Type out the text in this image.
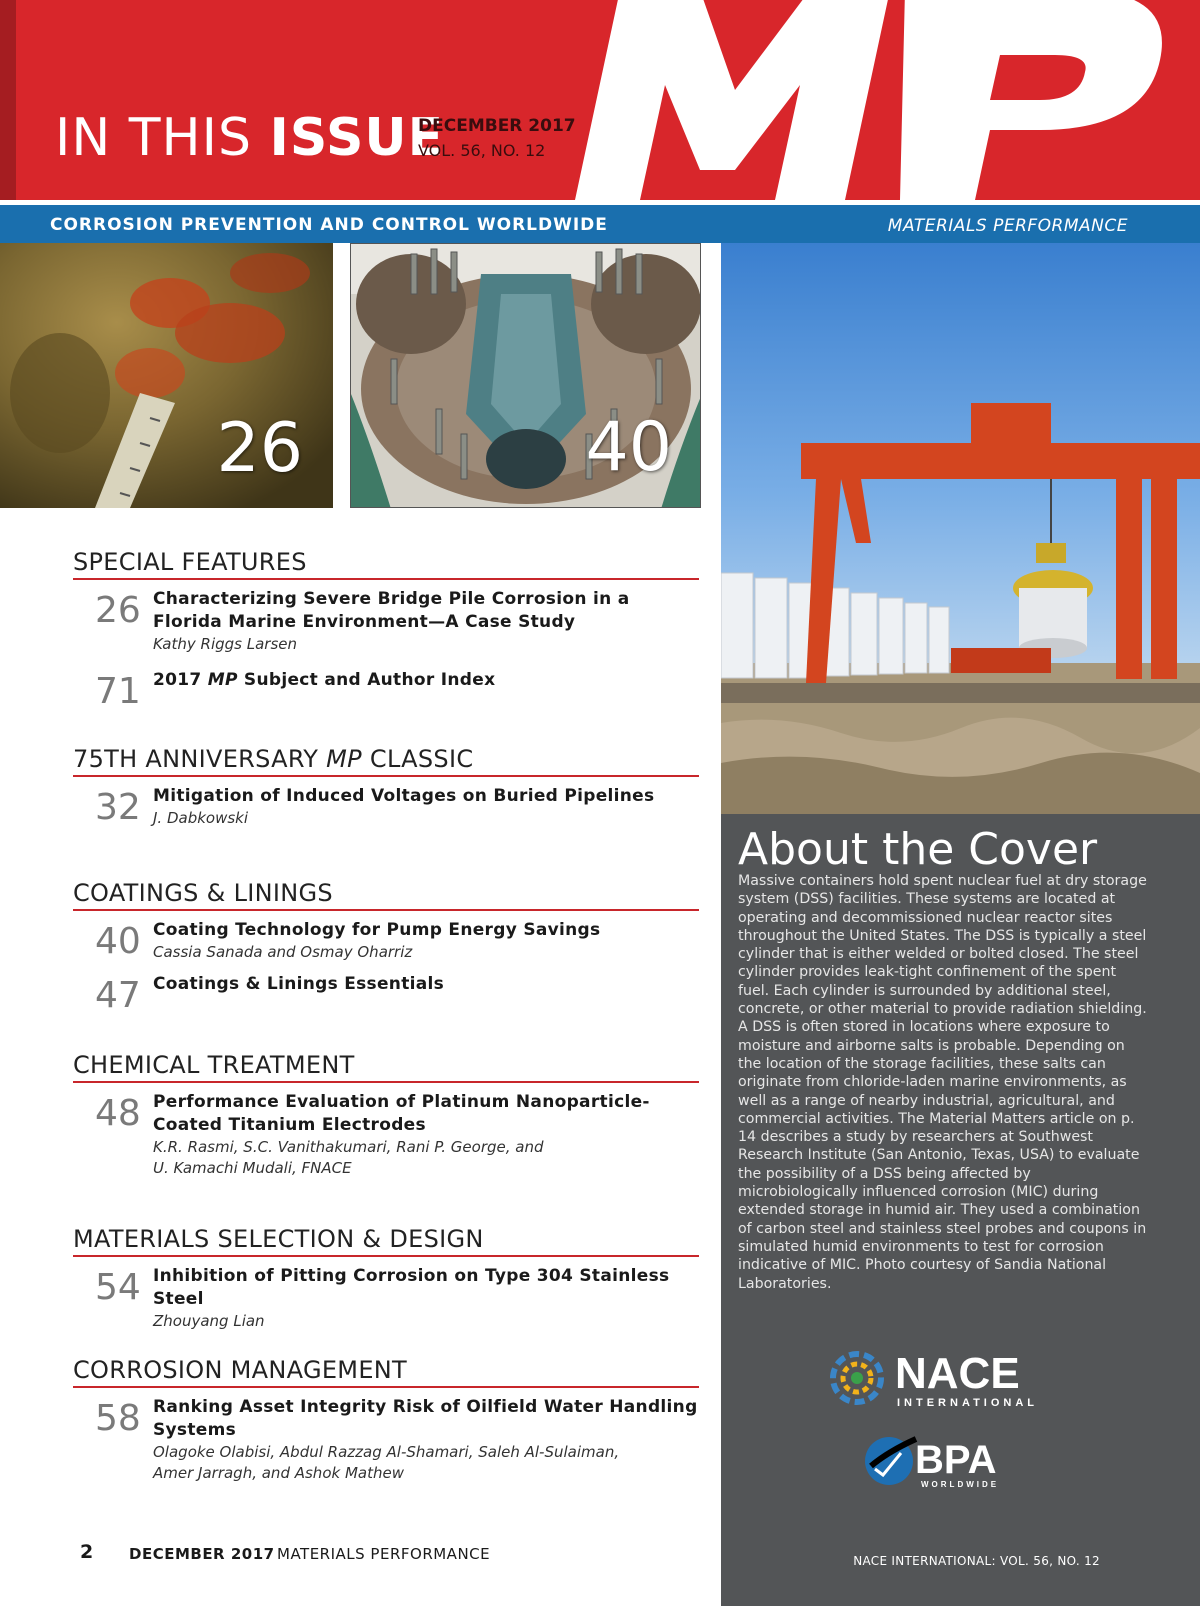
IN THIS ISSUE
DECEMBER 2017
VOL. 56, NO. 12
CORROSION PREVENTION AND CONTROL WORLDWIDE	MATERIALS PERFORMANCE
26	40
SPECIAL FEATURES
26 Characterizing Severe Bridge Pile Corrosion in a Florida Marine Environment—A Case Study
Kathy Riggs Larsen
71 2017 MP Subject and Author Index
75TH ANNIVERSARY MP CLASSIC
32 Mitigation of Induced Voltages on Buried Pipelines
J. Dabkowski
COATINGS & LININGS
40 Coating Technology for Pump Energy Savings
Cassia Sanada and Osmay Oharriz
47 Coatings & Linings Essentials
CHEMICAL TREATMENT
48 Performance Evaluation of Platinum Nanoparticle-Coated Titanium Electrodes
K.R. Rasmi, S.C. Vanithakumari, Rani P. George, and
U. Kamachi Mudali, FNACE
MATERIALS SELECTION & DESIGN
54 Inhibition of Pitting Corrosion on Type 304 Stainless Steel
Zhouyang Lian
CORROSION MANAGEMENT
58 Ranking Asset Integrity Risk of Oilfield Water Handling Systems
Olagoke Olabisi, Abdul Razzag Al-Shamari, Saleh Al-Sulaiman,
Amer Jarragh, and Ashok Mathew
About the Cover
Massive containers hold spent nuclear fuel at dry storage system (DSS) facilities. These systems are located at operating and decommissioned nuclear reactor sites throughout the United States. The DSS is typically a steel cylinder that is either welded or bolted closed. The steel cylinder provides leak-tight confinement of the spent fuel. Each cylinder is surrounded by additional steel, concrete, or other material to provide radiation shielding. A DSS is often stored in locations where exposure to moisture and airborne salts is probable. Depending on the location of the storage facilities, these salts can originate from chloride-laden marine environments, as well as a range of nearby industrial, agricultural, and commercial activities. The Material Matters article on p. 14 describes a study by researchers at Southwest Research Institute (San Antonio, Texas, USA) to evaluate the possibility of a DSS being affected by microbiologically influenced corrosion (MIC) during extended storage in humid air. They used a combination of carbon steel and stainless steel probes and coupons in simulated humid environments to test for corrosion indicative of MIC. Photo courtesy of Sandia National Laboratories.
NACE
INTERNATIONAL
BPA
WORLDWIDE
NACE INTERNATIONAL: VOL. 56, NO. 12
2 DECEMBER 2017 MATERIALS PERFORMANCE
